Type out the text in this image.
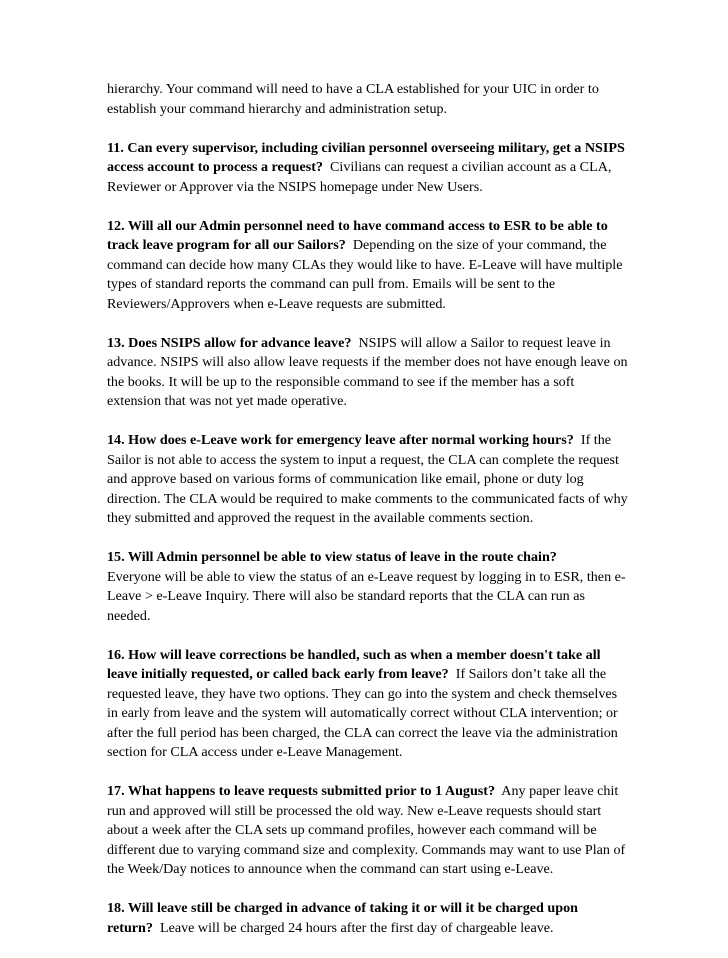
hierarchy. Your command will need to have a CLA established for your UIC in order to establish your command hierarchy and administration setup.

11. Can every supervisor, including civilian personnel overseeing military, get a NSIPS access account to process a request? Civilians can request a civilian account as a CLA, Reviewer or Approver via the NSIPS homepage under New Users.

12. Will all our Admin personnel need to have command access to ESR to be able to track leave program for all our Sailors? Depending on the size of your command, the command can decide how many CLAs they would like to have. E-Leave will have multiple types of standard reports the command can pull from. Emails will be sent to the Reviewers/Approvers when e-Leave requests are submitted.

13. Does NSIPS allow for advance leave? NSIPS will allow a Sailor to request leave in advance. NSIPS will also allow leave requests if the member does not have enough leave on the books. It will be up to the responsible command to see if the member has a soft extension that was not yet made operative.

14. How does e-Leave work for emergency leave after normal working hours? If the Sailor is not able to access the system to input a request, the CLA can complete the request and approve based on various forms of communication like email, phone or duty log direction. The CLA would be required to make comments to the communicated facts of why they submitted and approved the request in the available comments section.

15. Will Admin personnel be able to view status of leave in the route chain?
Everyone will be able to view the status of an e-Leave request by logging in to ESR, then e-Leave > e-Leave Inquiry. There will also be standard reports that the CLA can run as needed.

16. How will leave corrections be handled, such as when a member doesn't take all leave initially requested, or called back early from leave? If Sailors don’t take all the requested leave, they have two options. They can go into the system and check themselves in early from leave and the system will automatically correct without CLA intervention; or after the full period has been charged, the CLA can correct the leave via the administration section for CLA access under e-Leave Management.

17. What happens to leave requests submitted prior to 1 August? Any paper leave chit run and approved will still be processed the old way. New e-Leave requests should start about a week after the CLA sets up command profiles, however each command will be different due to varying command size and complexity. Commands may want to use Plan of the Week/Day notices to announce when the command can start using e-Leave.

18. Will leave still be charged in advance of taking it or will it be charged upon return? Leave will be charged 24 hours after the first day of chargeable leave.
